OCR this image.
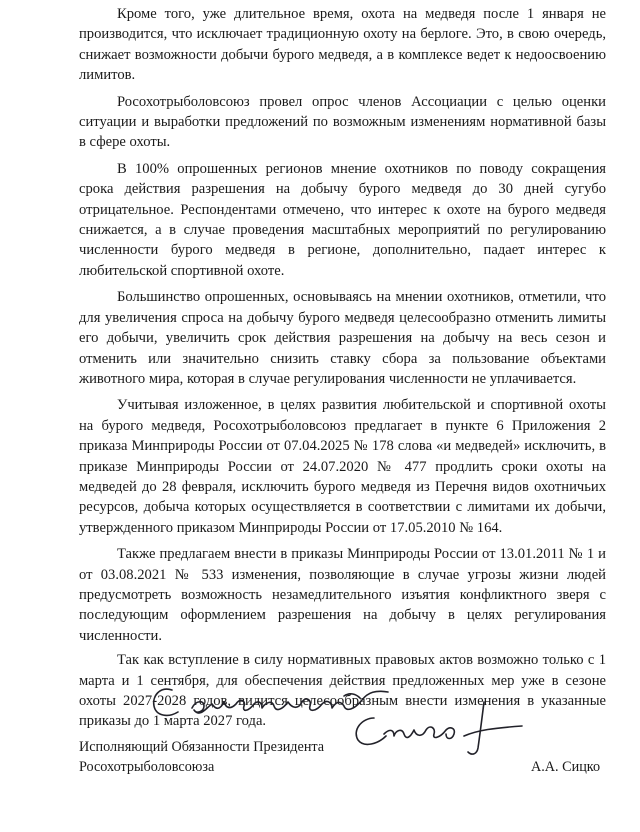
Кроме того, уже длительное время, охота на медведя после 1 января не производится, что исключает традиционную охоту на берлоге. Это, в свою очередь, снижает возможности добычи бурого медведя, а в комплексе ведет к недоосвоению лимитов.

Росохотрыболовсоюз провел опрос членов Ассоциации с целью оценки ситуации и выработки предложений по возможным изменениям нормативной базы в сфере охоты.

В 100% опрошенных регионов мнение охотников по поводу сокращения срока действия разрешения на добычу бурого медведя до 30 дней сугубо отрицательное. Респондентами отмечено, что интерес к охоте на бурого медведя снижается, а в случае проведения масштабных мероприятий по регулированию численности бурого медведя в регионе, дополнительно, падает интерес к любительской спортивной охоте.

Большинство опрошенных, основываясь на мнении охотников, отметили, что для увеличения спроса на добычу бурого медведя целесообразно отменить лимиты его добычи, увеличить срок действия разрешения на добычу на весь сезон и отменить или значительно снизить ставку сбора за пользование объектами животного мира, которая в случае регулирования численности не уплачивается.

Учитывая изложенное, в целях развития любительской и спортивной охоты на бурого медведя, Росохотрыболовсоюз предлагает в пункте 6 Приложения 2 приказа Минприроды России от 07.04.2025 № 178 слова «и медведей» исключить, в приказе Минприроды России от 24.07.2020 № 477 продлить сроки охоты на медведей до 28 февраля, исключить бурого медведя из Перечня видов охотничьих ресурсов, добыча которых осуществляется в соответствии с лимитами их добычи, утвержденного приказом Минприроды России от 17.05.2010 № 164.

Также предлагаем внести в приказы Минприроды России от 13.01.2011 № 1 и от 03.08.2021 № 533 изменения, позволяющие в случае угрозы жизни людей предусмотреть возможность незамедлительного изъятия конфликтного зверя с последующим оформлением разрешения на добычу в целях регулирования численности.

Так как вступление в силу нормативных правовых актов возможно только с 1 марта и 1 сентября, для обеспечения действия предложенных мер уже в сезоне охоты 2027-2028 годов, видится целесообразным внести изменения в указанные приказы до 1 марта 2027 года.

Исполняющий Обязанности Президента
Росохотрыболовсоюза	А.А. Сицко
